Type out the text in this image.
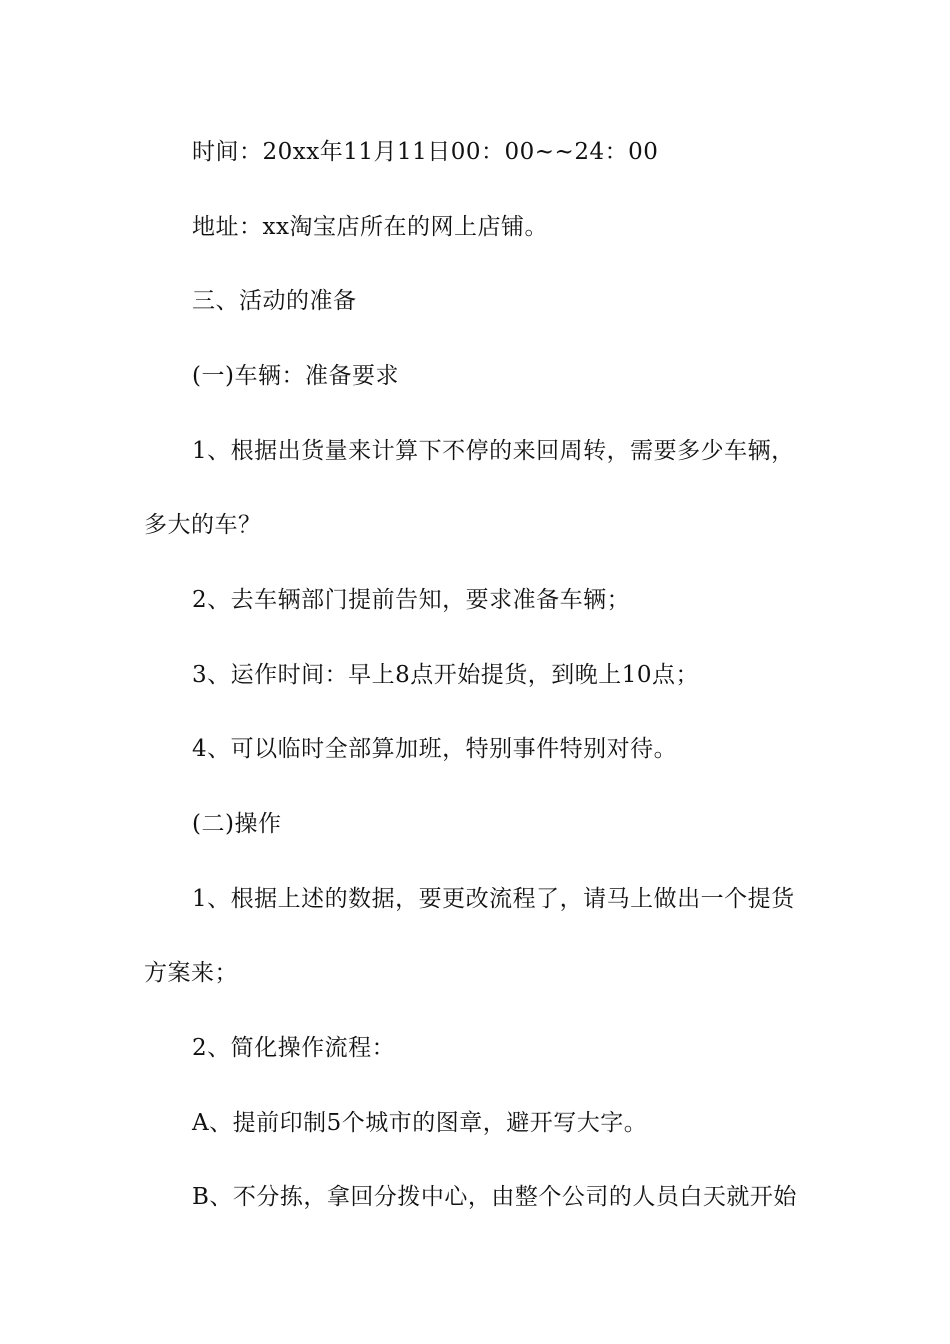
时间：20xx年11月11日00：00~~24：00
地址：xx淘宝店所在的网上店铺。
三、活动的准备
(一)车辆：准备要求
1、根据出货量来计算下不停的来回周转，需要多少车辆，
多大的车？
2、去车辆部门提前告知，要求准备车辆；
3、运作时间：早上8点开始提货，到晚上10点；
4、可以临时全部算加班，特别事件特别对待。
(二)操作
1、根据上述的数据，要更改流程了，请马上做出一个提货
方案来；
2、简化操作流程：
A、提前印制5个城市的图章，避开写大字。
B、不分拣，拿回分拨中心，由整个公司的人员白天就开始
